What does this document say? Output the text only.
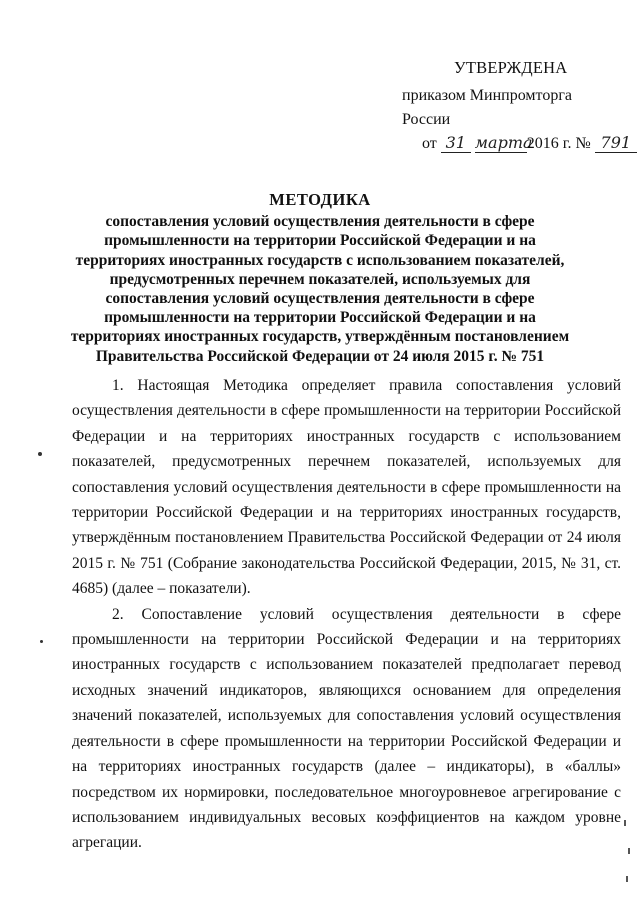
УТВЕРЖДЕНА
приказом Минпромторга России
от 31 марта2016 г. № 791
МЕТОДИКА
сопоставления условий осуществления деятельности в сфере промышленности на территории Российской Федерации и на территориях иностранных государств с использованием показателей, предусмотренных перечнем показателей, используемых для сопоставления условий осуществления деятельности в сфере промышленности на территории Российской Федерации и на территориях иностранных государств, утверждённым постановлением Правительства Российской Федерации от 24 июля 2015 г. № 751

1. Настоящая Методика определяет правила сопоставления условий осуществления деятельности в сфере промышленности на территории Российской Федерации и на территориях иностранных государств с использованием показателей, предусмотренных перечнем показателей, используемых для сопоставления условий осуществления деятельности в сфере промышленности на территории Российской Федерации и на территориях иностранных государств, утверждённым постановлением Правительства Российской Федерации от 24 июля 2015 г. № 751 (Собрание законодательства Российской Федерации, 2015, № 31, ст. 4685) (далее – показатели).

2. Сопоставление условий осуществления деятельности в сфере промышленности на территории Российской Федерации и на территориях иностранных государств с использованием показателей предполагает перевод исходных значений индикаторов, являющихся основанием для определения значений показателей, используемых для сопоставления условий осуществления деятельности в сфере промышленности на территории Российской Федерации и на территориях иностранных государств (далее – индикаторы), в «баллы» посредством их нормировки, последовательное многоуровневое агрегирование с использованием индивидуальных весовых коэффициентов на каждом уровне агрегации.
